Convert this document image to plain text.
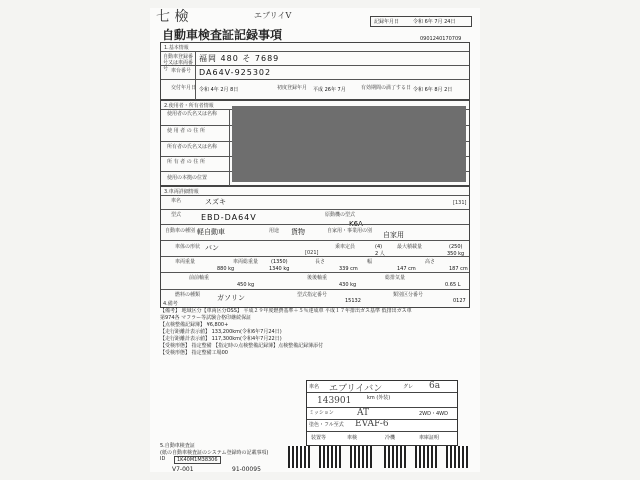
七 檢	エブリイV
記録年月日	令和 6年 7月 24日
自動車検査証記録事項	0901240170709
1.基本情報
自動車登録番号又は車両番号
福岡 480 そ 7689
車台番号 DA64V-925302
交付年月日 令和 4年 2月 8日	初度登録年月 平成 26年 7月	有効期間の満了する日 令和 6年 8月 2日
2.使用者・所有者情報
使用者の氏名又は名称
使 用 者 の 住 所
所有者の氏名又は名称
所 有 者 の 住 所
使用の本拠の位置
3.車両詳細情報
車名	スズキ	[131]
型式 EBD-DA64V	原動機の型式
K6A
自動車の種別 軽自動車	用途 貨物	自家用・事業用の別 自家用
車体の形状 バン
[021]
乗車定員	(4)
2 人
最大積載量	(250)
350 kg
車両重量
880 kg
車両総重量	(1350)
1340 kg
長さ
339 cm
幅
147 cm
高さ
187 cm
前前軸重
450 kg
後後軸重
430 kg
総排気量
0.65 L
燃料の種類 ガソリン	型式指定番号
15132
類別区分番号
0127
4.備考
【備考】 地域区分【車両区分OSS】 平成２９年度燃費基準＋５％達成車 平成１７年排出ガス基準 低排出ガス車
第974各 マフラー等試験合格印継続保証
【点検整備記録簿】 ¥6,800+
【走行距離計表示値】 133,200km(令和6年7月24日)
【走行距離計表示値】 117,300km(令和4年7月22日)
【受検形態】 指定整備 【指定時の点検整備記録簿】点検整備記録簿添付
【受検形態】 指定整備工場00
車名 エブリイバン	グレ 6a
km (外装)
143901
ミッション	AT	2WD・4WD
塗色・フル至式 EVAF-6
装置等	車検	冷機	車庫証明
5.自動車検査証
(紙の自動車検査証のシステム登録時の記載事項)
ID	1K40M1M38306
V7-001	91-00095
